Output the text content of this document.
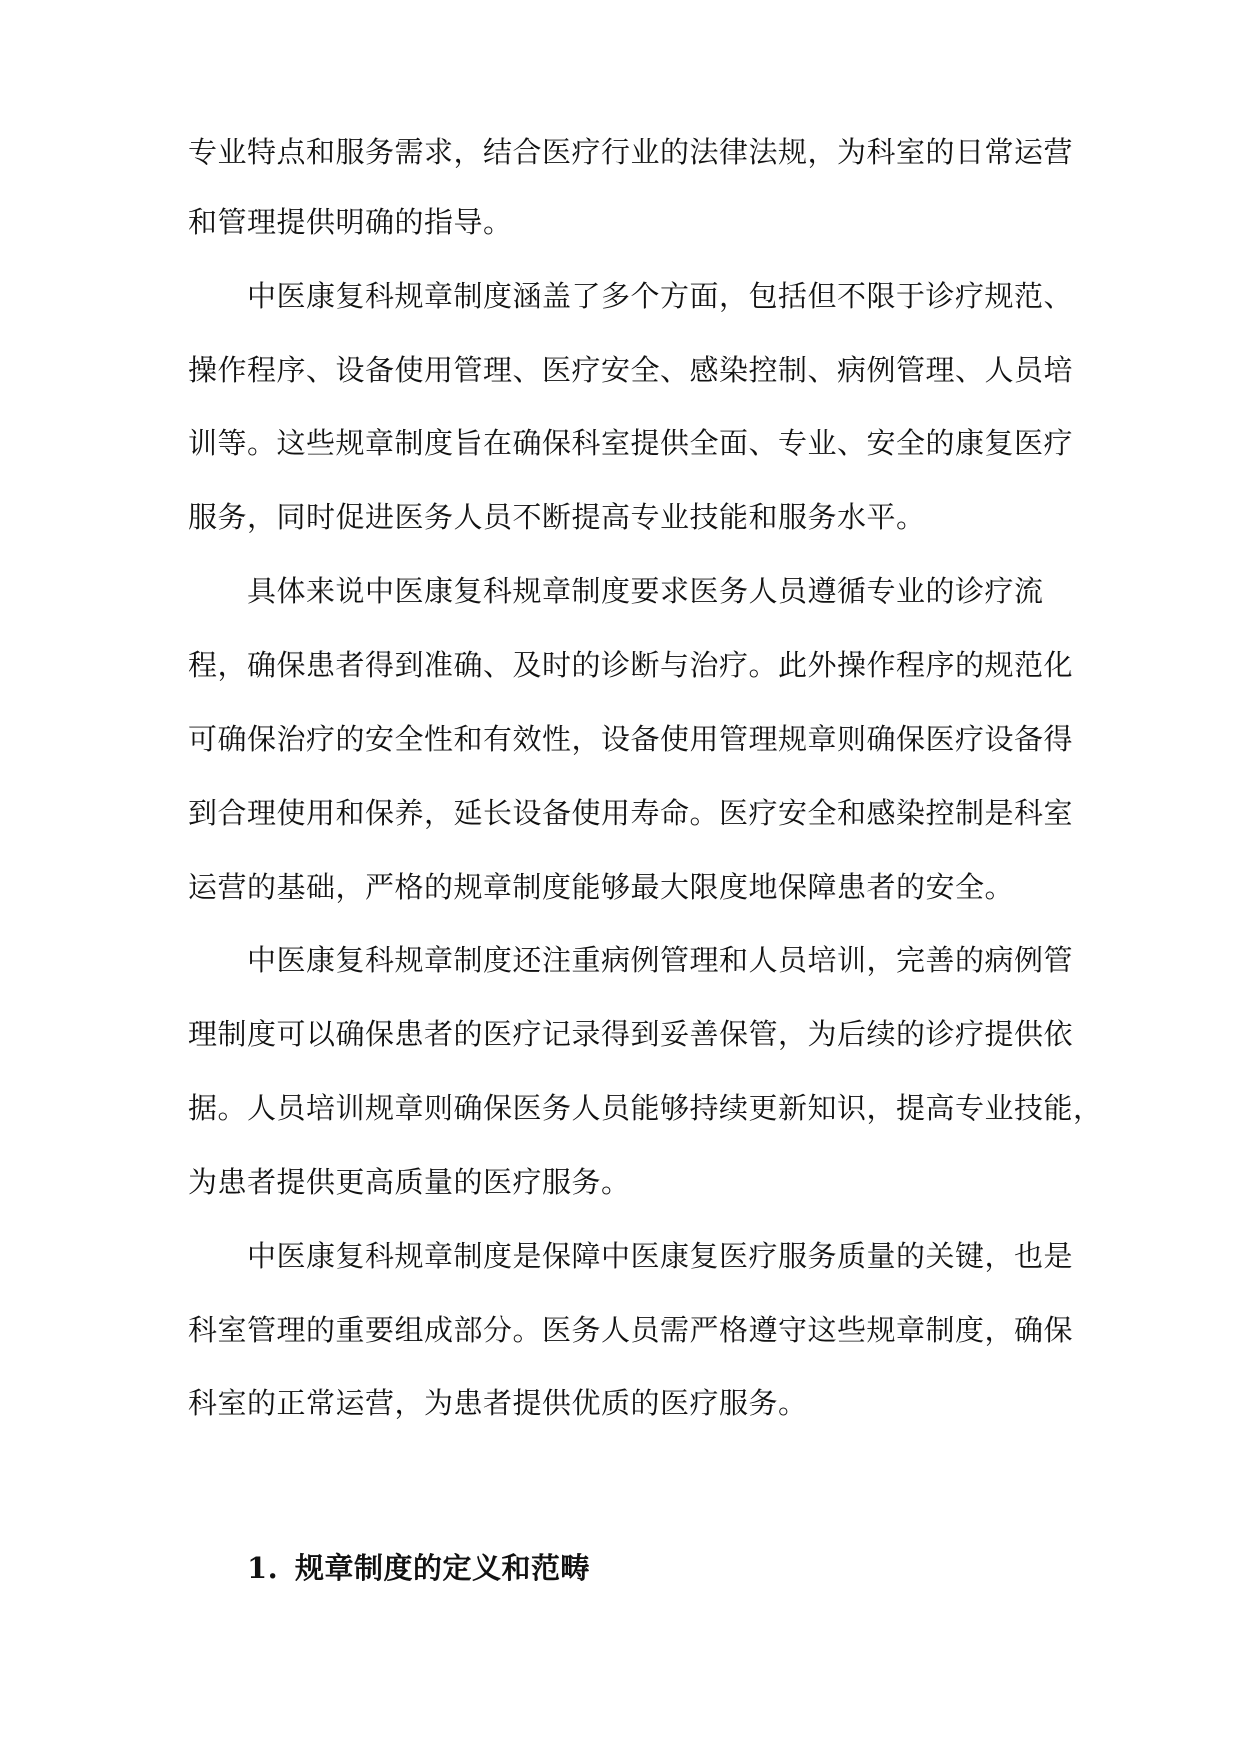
专业特点和服务需求，结合医疗行业的法律法规，为科室的日常运营
和管理提供明确的指导。
中医康复科规章制度涵盖了多个方面，包括但不限于诊疗规范、
操作程序、设备使用管理、医疗安全、感染控制、病例管理、人员培
训等。这些规章制度旨在确保科室提供全面、专业、安全的康复医疗
服务，同时促进医务人员不断提高专业技能和服务水平。
具体来说中医康复科规章制度要求医务人员遵循专业的诊疗流
程，确保患者得到准确、及时的诊断与治疗。此外操作程序的规范化
可确保治疗的安全性和有效性，设备使用管理规章则确保医疗设备得
到合理使用和保养，延长设备使用寿命。医疗安全和感染控制是科室
运营的基础，严格的规章制度能够最大限度地保障患者的安全。
中医康复科规章制度还注重病例管理和人员培训，完善的病例管
理制度可以确保患者的医疗记录得到妥善保管，为后续的诊疗提供依
据。人员培训规章则确保医务人员能够持续更新知识，提高专业技能，
为患者提供更高质量的医疗服务。
中医康复科规章制度是保障中医康复医疗服务质量的关键，也是
科室管理的重要组成部分。医务人员需严格遵守这些规章制度，确保
科室的正常运营，为患者提供优质的医疗服务。
1. 规章制度的定义和范畴
